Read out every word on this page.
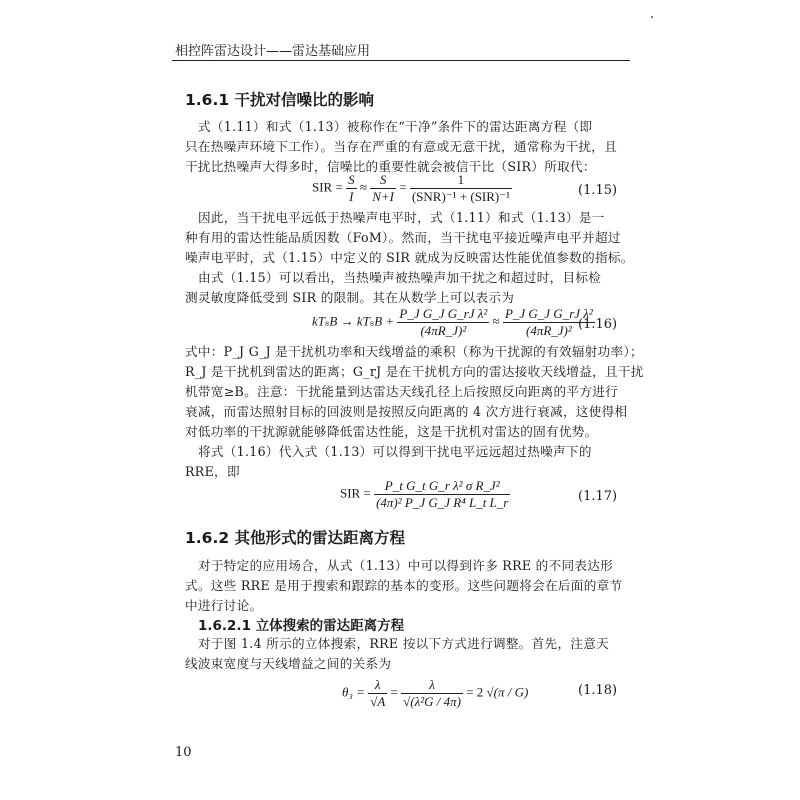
相控阵雷达设计——雷达基础应用
1.6.1 干扰对信噪比的影响
式（1.11）和式（1.13）被称作在“干净”条件下的雷达距离方程（即
只在热噪声环境下工作）。当存在严重的有意或无意干扰，通常称为干扰，且
干扰比热噪声大得多时，信噪比的重要性就会被信干比（SIR）所取代：
SIR = $\frac{S}{I} \approx \frac{S}{N+I}$ =	1
(SNR)⁻¹ + (SIR)⁻¹	(1.15)
因此，当干扰电平远低于热噪声电平时，式（1.11）和式（1.13）是一
种有用的雷达性能品质因数（FoM）。然而，当干扰电平接近噪声电平并超过
噪声电平时，式（1.15）中定义的 SIR 就成为反映雷达性能优值参数的指标。
由式（1.15）可以看出，当热噪声被热噪声加干扰之和超过时，目标检
测灵敏度降低受到 SIR 的限制。其在从数学上可以表示为
$kT_sB \to kT_sB + \frac{\text{P\_J G\_J G\_rJ λ²}}{\text{(4πR\_J)²}} \approx \frac{\text{P\_J G\_J G\_rJ λ²}}{\text{(4πR\_J)²}}$
(1.16)
式中：P_J G_J 是干扰机功率和天线增益的乘积（称为干扰源的有效辐射功率）；
R_J 是干扰机到雷达的距离；G_rJ 是在干扰机方向的雷达接收天线增益，且干扰
机带宽≥B。注意：干扰能量到达雷达天线孔径上后按照反向距离的平方进行
衰减，而雷达照射目标的回波则是按照反向距离的 4 次方进行衰减，这使得相
对低功率的干扰源就能够降低雷达性能，这是干扰机对雷达的固有优势。
将式（1.16）代入式（1.13）可以得到干扰电平远远超过热噪声下的
RRE，即
SIR = $\frac{\text{P\_t G\_t G\_r λ² σ R\_J²}}{\text{(4π)² P\_J G\_J R⁴ L\_t L\_r}}$	(1.17)
1.6.2 其他形式的雷达距离方程
对于特定的应用场合，从式（1.13）中可以得到许多 RRE 的不同表达形
式。这些 RRE 是用于搜索和跟踪的基本的变形。这些问题将会在后面的章节
中进行讨论。
1.6.2.1 立体搜索的雷达距离方程
对于图 1.4 所示的立体搜索，RRE 按以下方式进行调整。首先，注意天
线波束宽度与天线增益之间的关系为
$\theta_3 = \frac{\lambda}{√A} = \frac{\lambda}{\text{√(λ²G / 4π)}} = 2$ √(π / G)	(1.18)
10
